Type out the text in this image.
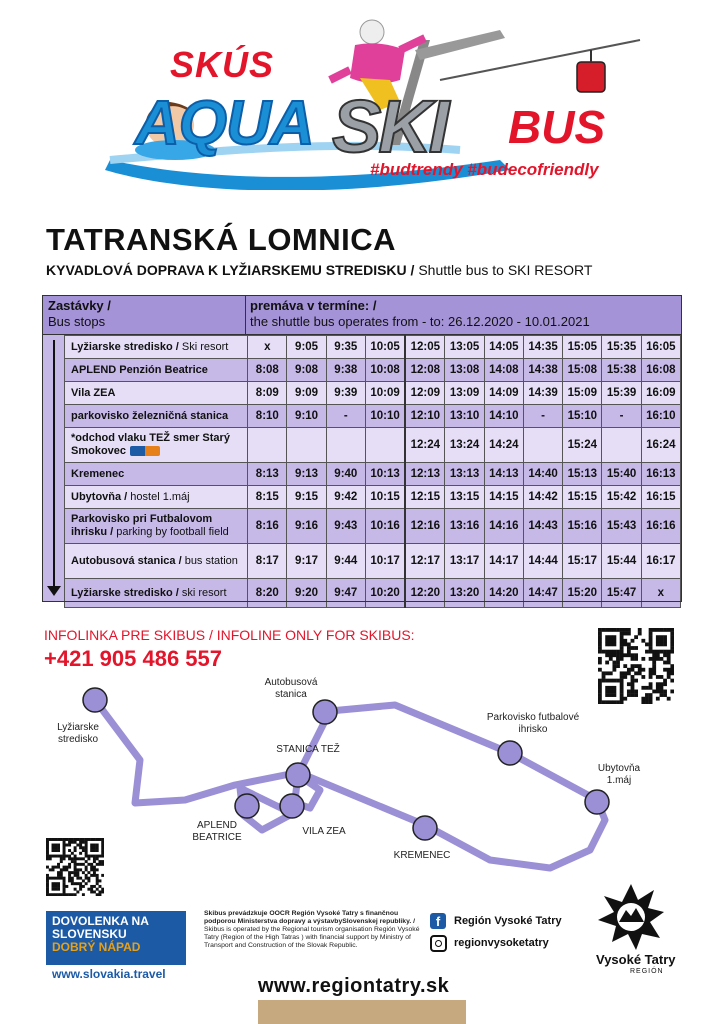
SKÚS
AQUA SKI BUS
#budtrendy #budecofriendly
TATRANSKÁ LOMNICA
KYVADLOVÁ DOPRAVA K LYŽIARSKEMU STREDISKU / Shuttle bus to SKI RESORT
Zastávky /
Bus stops
premáva v termíne: /
the shuttle bus operates from - to: 26.12.2020 - 10.01.2021
Lyžiarske stredisko / Ski resort	x	9:05	9:35	10:05	12:05	13:05	14:05	14:35	15:05	15:35	16:05
APLEND Penzión Beatrice	8:08	9:08	9:38	10:08	12:08	13:08	14:08	14:38	15:08	15:38	16:08
Vila ZEA	8:09	9:09	9:39	10:09	12:09	13:09	14:09	14:39	15:09	15:39	16:09
parkovisko železničná stanica	8:10	9:10	-	10:10	12:10	13:10	14:10	-	15:10	-	16:10
*odchod vlaku TEŽ smer Starý Smokovec					12:24	13:24	14:24		15:24		16:24
Kremenec	8:13	9:13	9:40	10:13	12:13	13:13	14:13	14:40	15:13	15:40	16:13
Ubytovňa / hostel 1.máj	8:15	9:15	9:42	10:15	12:15	13:15	14:15	14:42	15:15	15:42	16:15
Parkovisko pri Futbalovom ihrisku / parking by football field	8:16	9:16	9:43	10:16	12:16	13:16	14:16	14:43	15:16	15:43	16:16
Autobusová stanica / bus station	8:17	9:17	9:44	10:17	12:17	13:17	14:17	14:44	15:17	15:44	16:17
Lyžiarske stredisko / ski resort	8:20	9:20	9:47	10:20	12:20	13:20	14:20	14:47	15:20	15:47	x
INFOLINKA PRE SKIBUS / INFOLINE ONLY FOR SKIBUS:
+421 905 486 557
Lyžiarske
stredisko
Autobusová
stanica
Parkovisko futbalové
ihrisko
Ubytovňa
1.máj
STANICA TEŽ
VILA ZEA
APLEND
BEATRICE
KREMENEC
DOVOLENKA NA
SLOVENSKU
DOBRÝ NÁPAD
www.slovakia.travel
Skibus prevádzkuje OOCR Región Vysoké Tatry s finančnou podporou Ministerstva dopravy a výstavbySlovenskej republiky. / Skibus is operated by the Regional tourism organisation Región Vysoké Tatry (Region of the High Tatras ) with financial support by Ministry of Transport and Construction of the Slovak Republic.
f	Región Vysoké Tatry
regionvysoketatry
www.regiontatry.sk
Vysoké Tatry
REGIÓN
